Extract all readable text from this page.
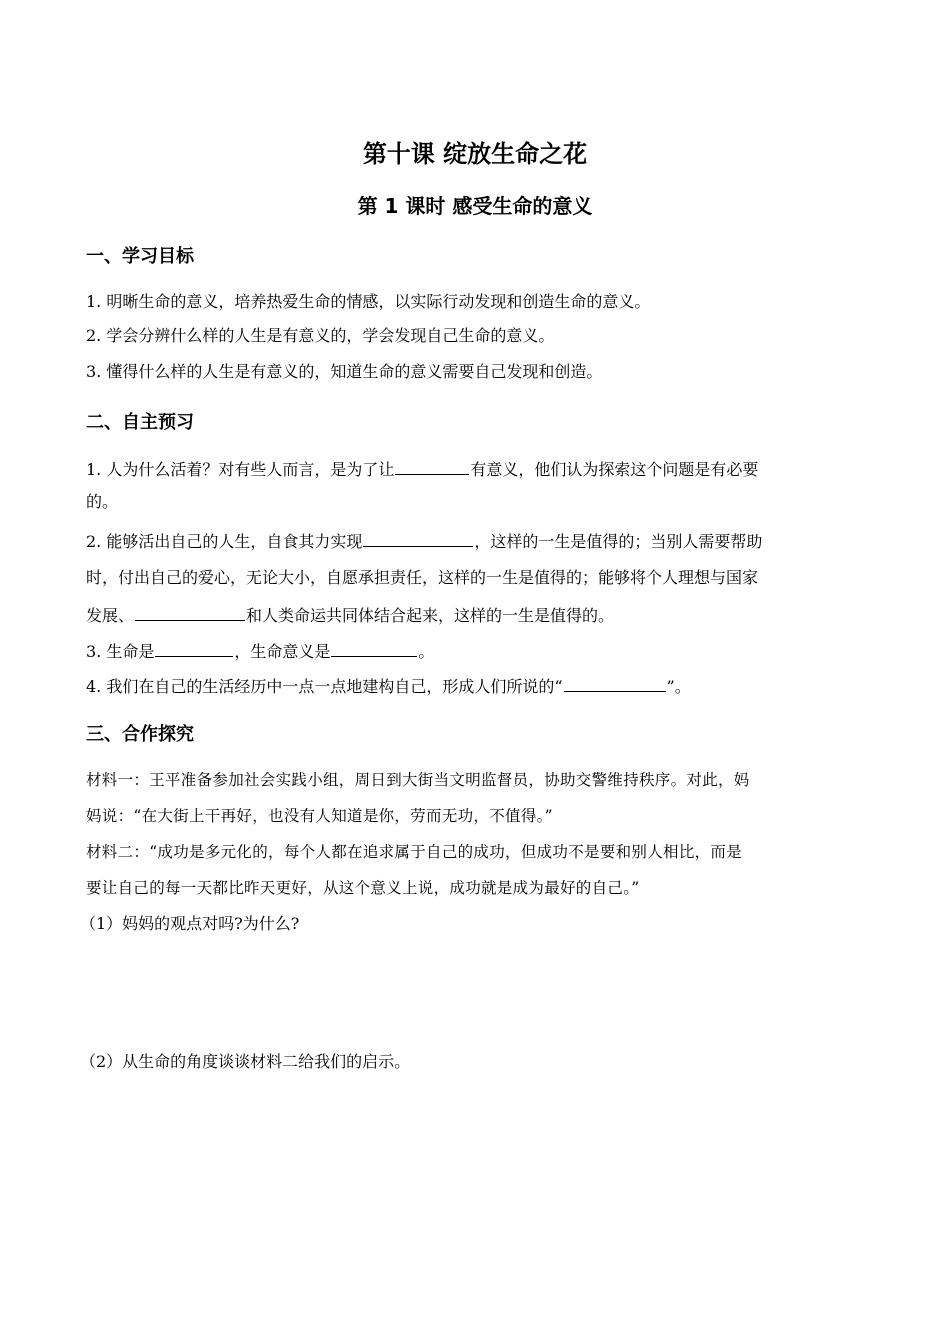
第十课 绽放生命之花
第 1 课时 感受生命的意义
一、学习目标
1. 明晰生命的意义，培养热爱生命的情感，以实际行动发现和创造生命的意义。
2. 学会分辨什么样的人生是有意义的，学会发现自己生命的意义。
3. 懂得什么样的人生是有意义的，知道生命的意义需要自己发现和创造。
二、自主预习
1. 人为什么活着？对有些人而言，是为了让	有意义，他们认为探索这个问题是有必要
的。
2. 能够活出自己的人生，自食其力实现	，这样的一生是值得的；当别人需要帮助
时，付出自己的爱心，无论大小，自愿承担责任，这样的一生是值得的；能够将个人理想与国家
发展、	和人类命运共同体结合起来，这样的一生是值得的。
3. 生命是	，生命意义是	。
4. 我们在自己的生活经历中一点一点地建构自己，形成人们所说的“	”。
三、合作探究
材料一：王平准备参加社会实践小组，周日到大街当文明监督员，协助交警维持秩序。对此，妈
妈说：“在大街上干再好，也没有人知道是你，劳而无功，不值得。”
材料二：“成功是多元化的，每个人都在追求属于自己的成功，但成功不是要和别人相比，而是
要让自己的每一天都比昨天更好，从这个意义上说，成功就是成为最好的自己。”
（1）妈妈的观点对吗?为什么?
（2）从生命的角度谈谈材料二给我们的启示。
